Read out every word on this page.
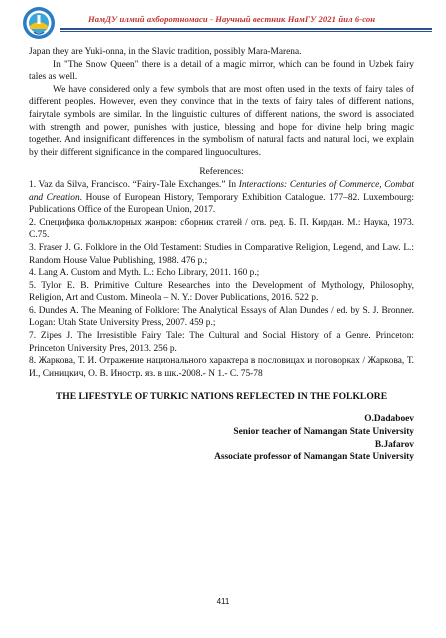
НамДУ илмий ахборотномаси - Научный вестник НамГУ 2021 йил 6-сон

Japan they are Yuki-onna, in the Slavic tradition, possibly Mara-Marena.

In "The Snow Queen" there is a detail of a magic mirror, which can be found in Uzbek fairy tales as well.

We have considered only a few symbols that are most often used in the texts of fairy tales of different peoples. However, even they convince that in the texts of fairy tales of different nations, fairytale symbols are similar. In the linguistic cultures of different nations, the sword is associated with strength and power, punishes with justice, blessing and hope for divine help bring magic together. And insignificant differences in the symbolism of natural facts and natural loci, we explain by their different significance in the compared linguocultures.

References:

1. Vaz da Silva, Francisco. “Fairy-Tale Exchanges.” In Interactions: Centuries of Commerce, Combat and Creation. House of European History, Temporary Exhibition Catalogue. 177–82. Luxembourg: Publications Office of the European Union, 2017.

2. Специфика фольклорных жанров: сборник статей / отв. ред. Б. П. Кирдан. М.: Наука, 1973. С.75.

3. Fraser J. G. Folklore in the Old Testament: Studies in Comparative Religion, Legend, and Law. L.: Random House Value Publishing, 1988. 476 p.;

4. Lang A. Custom and Myth. L.: Echo Library, 2011. 160 p.;

5. Tylor E. B. Primitive Culture Researches into the Development of Mythology, Philosophy, Religion, Art and Custom. Mineola – N. Y.: Dover Publications, 2016. 522 p.

6. Dundes A. The Meaning of Folklore: The Analytical Essays of Alan Dundes / ed. by S. J. Bronner. Logan: Utah State University Press, 2007. 459 p.;

7. Zipes J. The Irresistible Fairy Tale: The Cultural and Social History of a Genre. Princeton: Princeton University Pres, 2013. 256 p.

8. Жаркова, Т. И. Отражение национального характера в пословицах и поговорках / Жаркова, Т. И., Синицкич, О. В. Иностр. яз. в шк.-2008.- N 1.- С. 75-78

THE LIFESTYLE OF TURKIC NATIONS REFLECTED IN THE FOLKLORE

O.Dadaboev

Senior teacher of Namangan State University

B.Jafarov

Associate professor of Namangan State University

411
